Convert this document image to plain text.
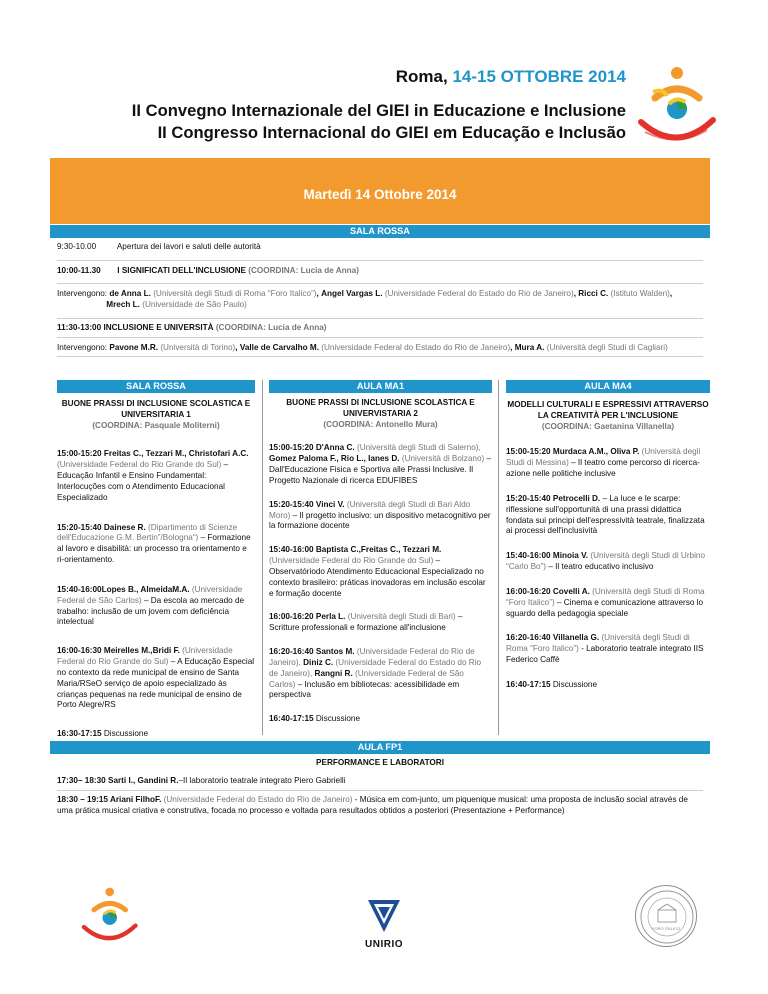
Roma, 14-15 OTTOBRE 2014
II Convegno Internazionale del GIEI in Educazione e Inclusione
II Congresso Internacional do GIEI em Educação e Inclusão
Martedì 14 Ottobre 2014
SALA ROSSA
9:30-10.00	Apertura dei lavori e saluti delle autorità
10:00-11.30 I SIGNIFICATI DELL'INCLUSIONE (COORDINA: Lucia de Anna)
Intervengono: de Anna L. (Università degli Studi di Roma “Foro Italico”), Angel Vargas L. (Universidade Federal do Estado do Rio de Janeiro), Ricci C. (Istituto Walden),
Mrech L. (Universidade de São Paulo)
11:30-13:00 INCLUSIONE E UNIVERSITÀ (COORDINA: Lucia de Anna)
Intervengono: Pavone M.R. (Università di Torino), Valle de Carvalho M. (Universidade Federal do Estado do Rio de Janeiro), Mura A. (Università degli Studi di Cagliari)
SALA ROSSA
BUONE PRASSI DI INCLUSIONE SCOLASTICA E UNIVERSITARIA 1
(COORDINA: Pasquale Moliterni)
15:00-15:20 Freitas C., Tezzari M., Christofari A.C. (Universidade Federal do Rio Grande do Sul) – Educação Infantil e Ensino Fundamental: Interlocuções com o Atendimento Educacional Especializado
15:20-15:40 Dainese R. (Dipartimento di Scienze dell'Educazione G.M. Bertin”/Bologna“) – Formazione al lavoro e disabilità: un processo tra orientamento e ri-orientamento.
15:40-16:00Lopes B., AlmeidaM.A. (Universidade Federal de São Carlos) – Da escola ao mercado de trabalho: inclusão de um jovem com deficiência intelectual
16:00-16:30 Meirelles M.,Bridi F. (Universidade Federal do Rio Grande do Sul) – A Educação Especial no contexto da rede municipal de ensino de Santa Maria/RSeO serviço de apoio especializado às crianças pequenas na rede municipal de ensino de Porto Alegre/RS
16:30-17:15 Discussione
AULA MA1
BUONE PRASSI DI INCLUSIONE SCOLASTICA E UNIVERVISTARIA 2
(COORDINA: Antonello Mura)
15:00-15:20 D'Anna C. (Università degli Studi di Salerno), Gomez Paloma F., Rio L., Ianes D. (Università di Bolzano) –Dall'Educazione Fisica e Sportiva alle Prassi Inclusive. Il Progetto Nazionale di ricerca EDUFIBES
15:20-15:40 Vinci V. (Università degli Studi di Bari Aldo Moro) – Il progetto inclusivo: un dispositivo metacognitivo per la formazione docente
15:40-16:00 Baptista C.,Freitas C., Tezzari M. (Universidade Federal do Rio Grande do Sul) – Observatóriodo Atendimento Educacional Especializado no contexto brasileiro: práticas inovadoras em inclusão escolar e formação docente
16:00-16:20 Perla L. (Università degli Studi di Bari) – Scritture professionali e formazione all'inclusione
16:20-16:40 Santos M. (Universidade Federal do Rio de Janeiro), Diniz C. (Universidade Federal do Estado do Rio de Janeiro), Rangni R. (Universidade Federal de São Carlos) – Inclusão em bibliotecas: acessibilidade em perspectiva
16:40-17:15 Discussione
AULA MA4
MODELLI CULTURALI E ESPRESSIVI ATTRAVERSO LA CREATIVITÀ PER L'INCLUSIONE
(COORDINA: Gaetanina Villanella)
15:00-15:20 Murdaca A.M., Oliva P. (Università degli Studi di Messina) – Il teatro come percorso di ricerca-azione nelle politiche inclusive
15:20-15:40 Petrocelli D. – La luce e le scarpe: riflessione sull'opportunità di una prassi didattica fondata sui principi dell'espressività teatrale, finalizzata ai processi dell'inclusività
15:40-16:00 Minoia V. (Università degli Studi di Urbino “Carlo Bo”) – Il teatro educativo inclusivo
16:00-16:20 Covelli A. (Università degli Studi di Roma “Foro Italico”) – Cinema e comunicazione attraverso lo sguardo della pedagogia speciale
16:20-16:40 Villanella G. (Università degli Studi di Roma “Foro Italico”) - Laboratorio teatrale integrato IIS Federico Caffè
16:40-17:15 Discussione
AULA FP1
PERFORMANCE E LABORATORI
17:30– 18:30 Sarti I., Gandini R.–Il laboratorio teatrale integrato Piero Gabrielli
18:30 – 19:15 Ariani FilhoF. (Universidade Federal do Estado do Rio de Janeiro) - Música em com-junto, um piquenique musical: uma proposta de inclusão social através de uma prática musical criativa e construtiva, focada no processo e voltada para resultados obtidos a posteriori (Presentazione + Performance)
UNIRIO
FORO ITALICO
